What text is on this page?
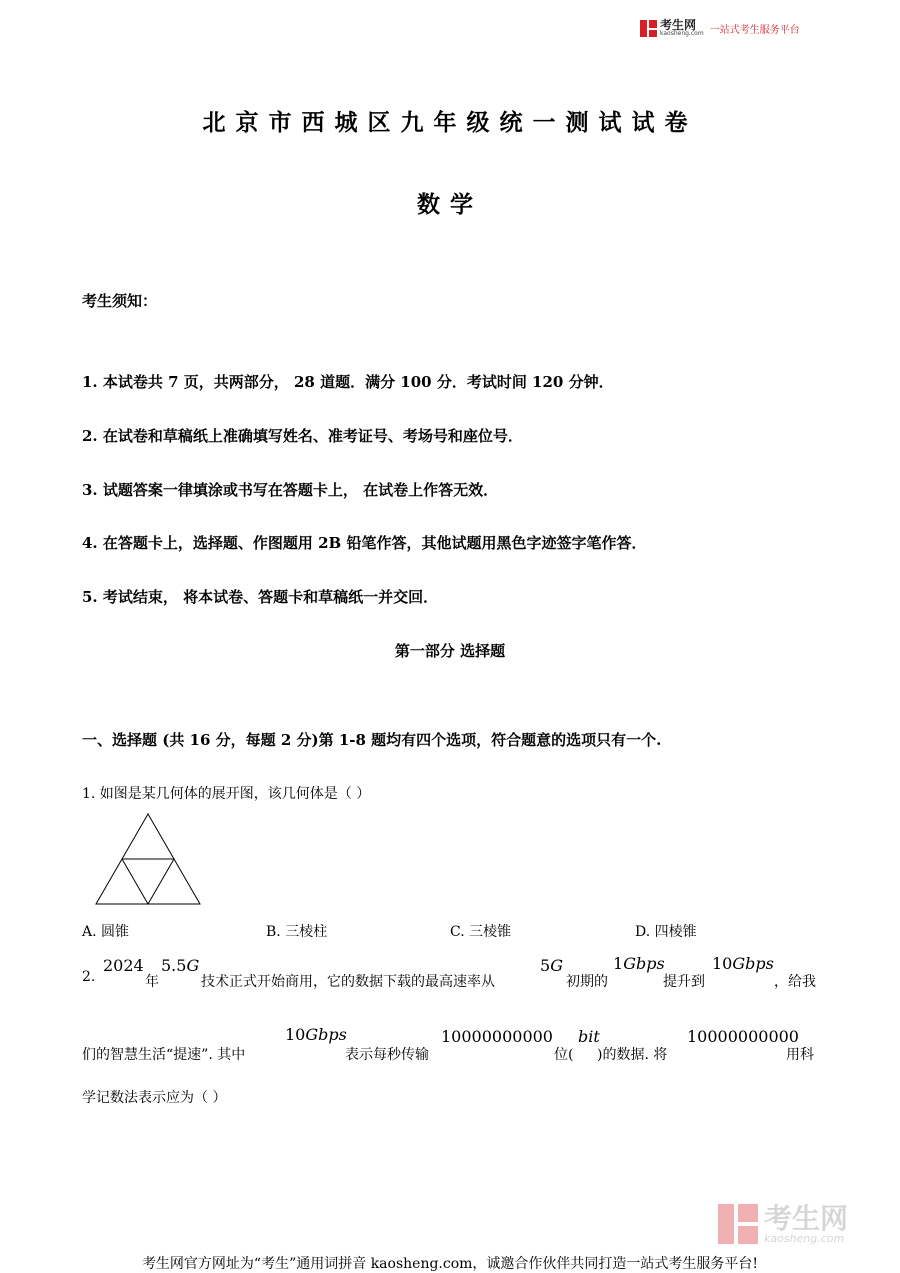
考生网
kaosheng.com 一站式考生服务平台
北京市西城区九年级统一测试试卷
数学
考生须知：
1. 本试卷共 7 页，共两部分， 28 道题．满分 100 分．考试时间 120 分钟．
2. 在试卷和草稿纸上准确填写姓名、准考证号、考场号和座位号．
3. 试题答案一律填涂或书写在答题卡上， 在试卷上作答无效．
4. 在答题卡上，选择题、作图题用 2B 铅笔作答，其他试题用黑色字迹签字笔作答．
5. 考试结束， 将本试卷、答题卡和草稿纸一并交回．
第一部分 选择题
一、选择题 (共 16 分，每题 2 分)第 1-8 题均有四个选项，符合题意的选项只有一个.
1. 如图是某几何体的展开图，该几何体是（ ）
A. 圆锥	B. 三棱柱	C. 三棱锥	D. 四棱锥
2.
2024
年
5.5G
技术正式开始商用，它的数据下载的最高速率从
5G
初期的
1Gbps
提升到
10Gbps
，给我
们的智慧生活“提速”. 其中
10Gbps
表示每秒传输
10000000000
位(
bit
)的数据. 将
10000000000
用科
学记数法表示应为（ ）
考生网
kaosheng.com
考生网官方网址为“考生”通用词拼音 kaosheng.com，诚邀合作伙伴共同打造一站式考生服务平台!
